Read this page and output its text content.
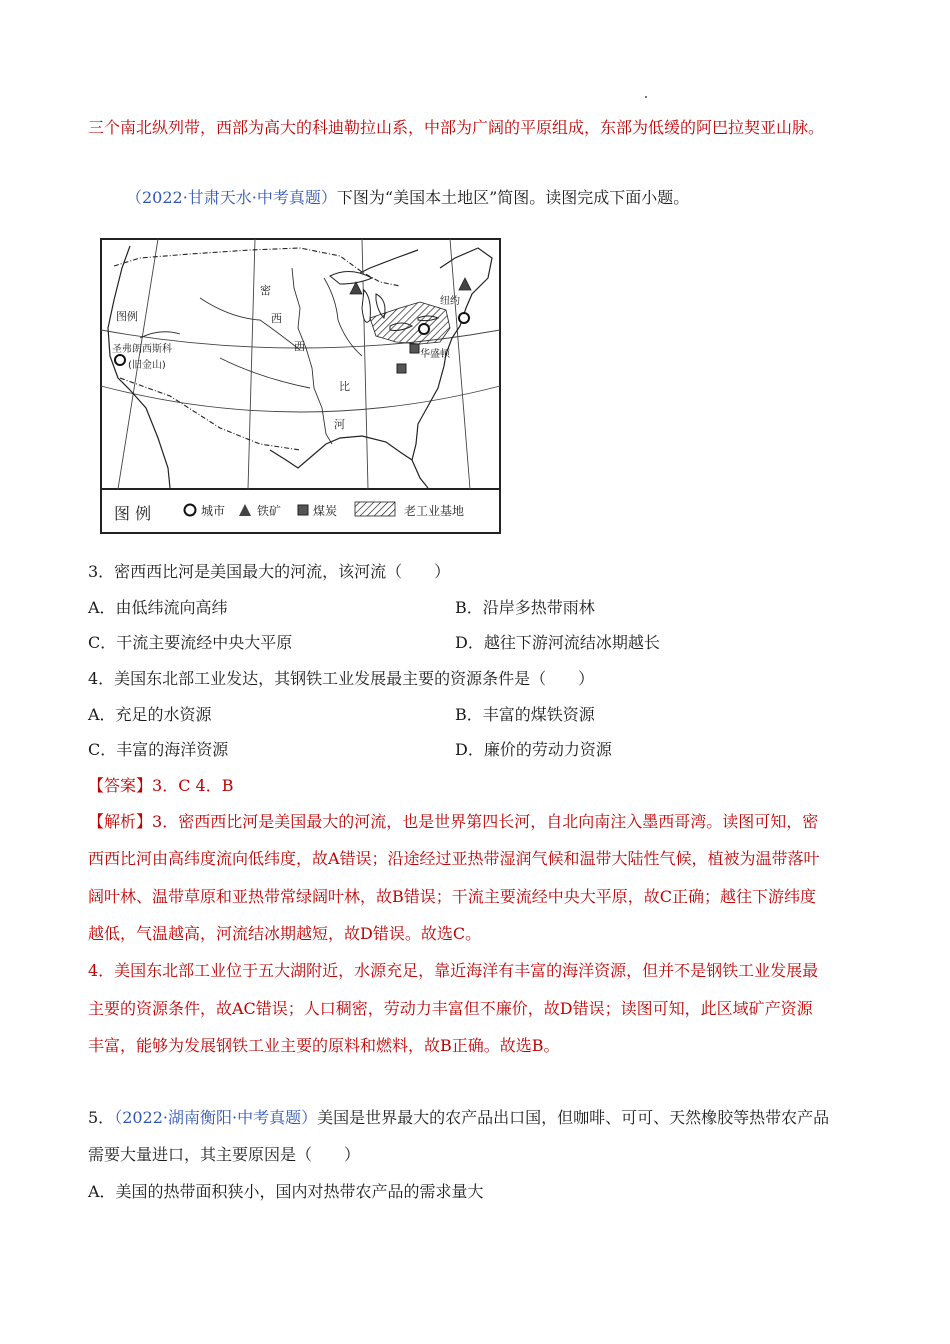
三个南北纵列带，西部为高大的科迪勒拉山系，中部为广阔的平原组成，东部为低缓的阿巴拉契亚山脉。
（2022·甘肃天水·中考真题）下图为“美国本土地区”简图。读图完成下面小题。
密
西
西
比
河
图例
圣弗朗西斯科
(旧金山)
纽约
华盛顿
图 例	城市	铁矿	煤炭	老工业基地
3．密西西比河是美国最大的河流，该河流（　　）
A．由低纬流向高纬	B．沿岸多热带雨林
C．干流主要流经中央大平原	D．越往下游河流结冰期越长
4．美国东北部工业发达，其钢铁工业发展最主要的资源条件是（　　）
A．充足的水资源	B．丰富的煤铁资源
C．丰富的海洋资源	D．廉价的劳动力资源
【答案】3．C 4．B
【解析】3．密西西比河是美国最大的河流，也是世界第四长河，自北向南注入墨西哥湾。读图可知，密
西西比河由高纬度流向低纬度，故A错误；沿途经过亚热带湿润气候和温带大陆性气候，植被为温带落叶
阔叶林、温带草原和亚热带常绿阔叶林，故B错误；干流主要流经中央大平原，故C正确；越往下游纬度
越低，气温越高，河流结冰期越短，故D错误。故选C。
4．美国东北部工业位于五大湖附近，水源充足，靠近海洋有丰富的海洋资源，但并不是钢铁工业发展最
主要的资源条件，故AC错误；人口稠密，劳动力丰富但不廉价，故D错误；读图可知，此区域矿产资源
丰富，能够为发展钢铁工业主要的原料和燃料，故B正确。故选B。
5．（2022·湖南衡阳·中考真题）美国是世界最大的农产品出口国，但咖啡、可可、天然橡胶等热带农产品
需要大量进口，其主要原因是（　　）
A．美国的热带面积狭小，国内对热带农产品的需求量大
